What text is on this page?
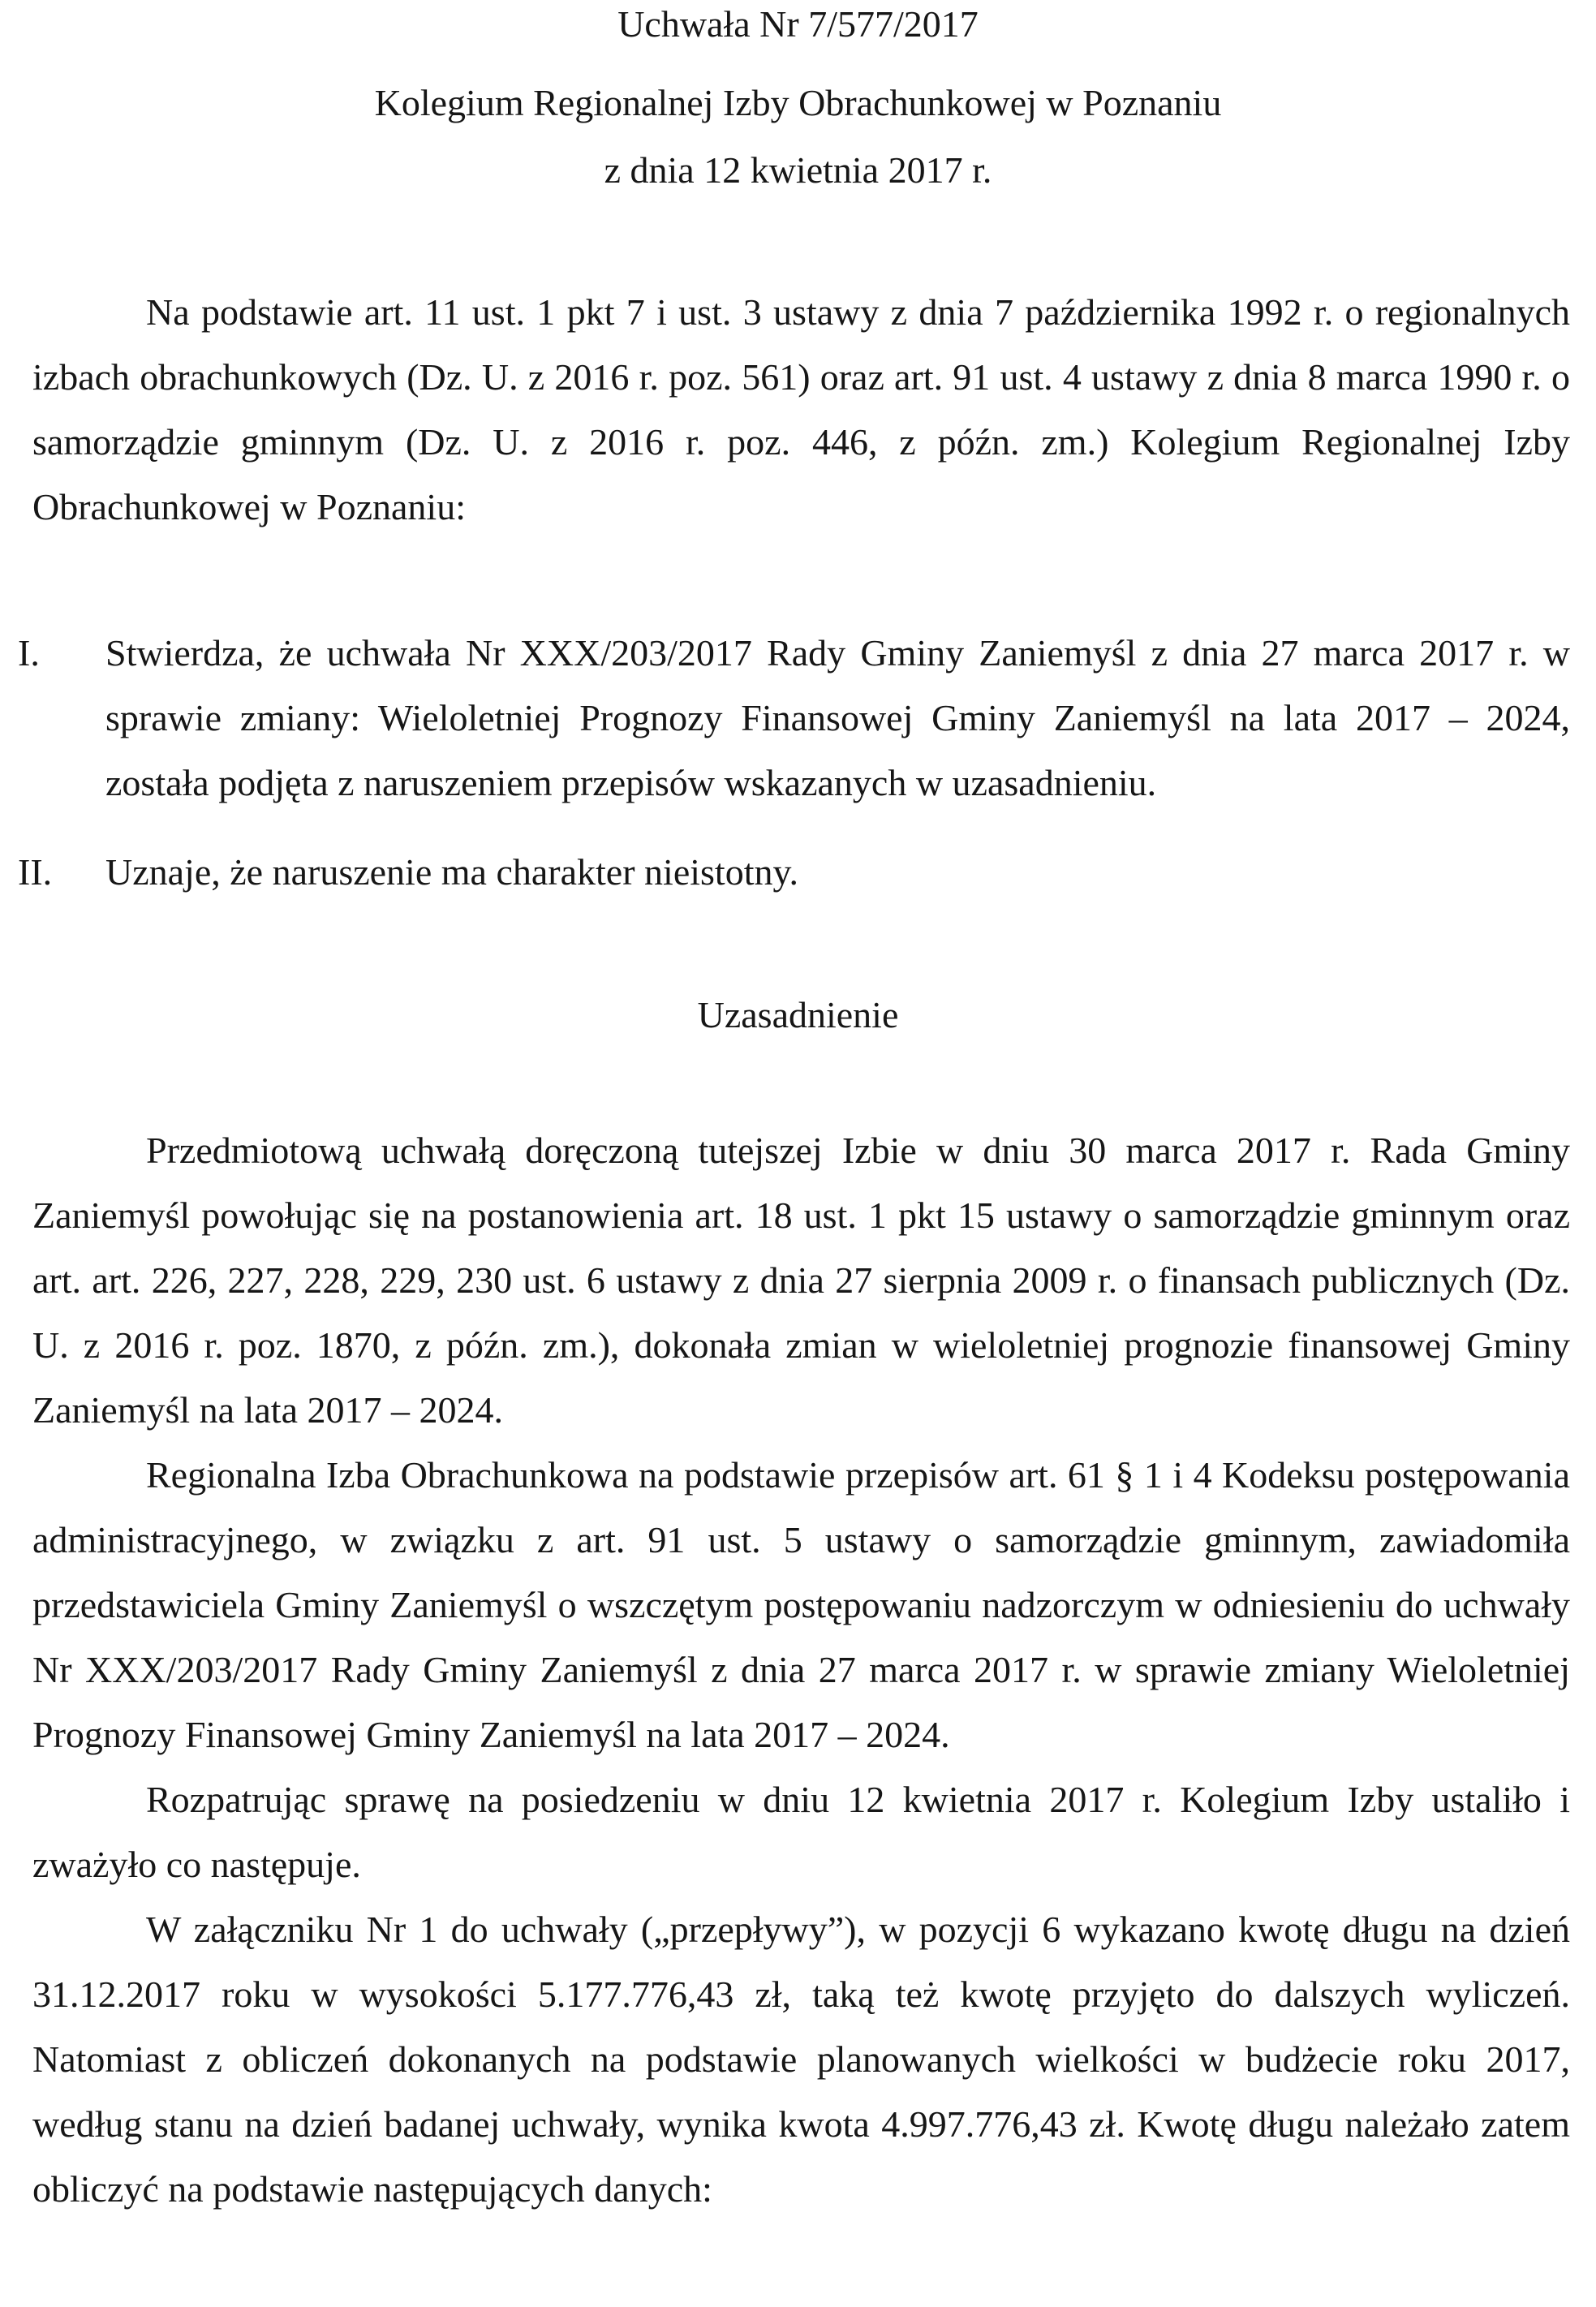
Uchwała Nr 7/577/2017
Kolegium Regionalnej Izby Obrachunkowej w Poznaniu
z dnia 12 kwietnia 2017 r.

Na podstawie art. 11 ust. 1 pkt 7 i ust. 3 ustawy z dnia 7 października 1992 r. o regionalnych izbach obrachunkowych (Dz. U. z 2016 r. poz. 561) oraz art. 91 ust. 4 ustawy z dnia 8 marca 1990 r. o samorządzie gminnym (Dz. U. z 2016 r. poz. 446, z późn. zm.) Kolegium Regionalnej Izby Obrachunkowej w Poznaniu:

I. Stwierdza, że uchwała Nr XXX/203/2017 Rady Gminy Zaniemyśl z dnia 27 marca 2017 r. w sprawie zmiany: Wieloletniej Prognozy Finansowej Gminy Zaniemyśl na lata 2017 – 2024, została podjęta z naruszeniem przepisów wskazanych w uzasadnieniu.

II. Uznaje, że naruszenie ma charakter nieistotny.

Uzasadnienie

Przedmiotową uchwałą doręczoną tutejszej Izbie w dniu 30 marca 2017 r. Rada Gminy Zaniemyśl powołując się na postanowienia art. 18 ust. 1 pkt 15 ustawy o samorządzie gminnym oraz art. art. 226, 227, 228, 229, 230 ust. 6 ustawy z dnia 27 sierpnia 2009 r. o finansach publicznych (Dz. U. z 2016 r. poz. 1870, z późn. zm.), dokonała zmian w wieloletniej prognozie finansowej Gminy Zaniemyśl na lata 2017 – 2024.

Regionalna Izba Obrachunkowa na podstawie przepisów art. 61 § 1 i 4 Kodeksu postępowania administracyjnego, w związku z art. 91 ust. 5 ustawy o samorządzie gminnym, zawiadomiła przedstawiciela Gminy Zaniemyśl o wszczętym postępowaniu nadzorczym w odniesieniu do uchwały Nr XXX/203/2017 Rady Gminy Zaniemyśl z dnia 27 marca 2017 r. w sprawie zmiany Wieloletniej Prognozy Finansowej Gminy Zaniemyśl na lata 2017 – 2024.

Rozpatrując sprawę na posiedzeniu w dniu 12 kwietnia 2017 r. Kolegium Izby ustaliło i zważyło co następuje.

W załączniku Nr 1 do uchwały („przepływy”), w pozycji 6 wykazano kwotę długu na dzień 31.12.2017 roku w wysokości 5.177.776,43 zł, taką też kwotę przyjęto do dalszych wyliczeń. Natomiast z obliczeń dokonanych na podstawie planowanych wielkości w budżecie roku 2017, według stanu na dzień badanej uchwały, wynika kwota 4.997.776,43 zł. Kwotę długu należało zatem obliczyć na podstawie następujących danych:
